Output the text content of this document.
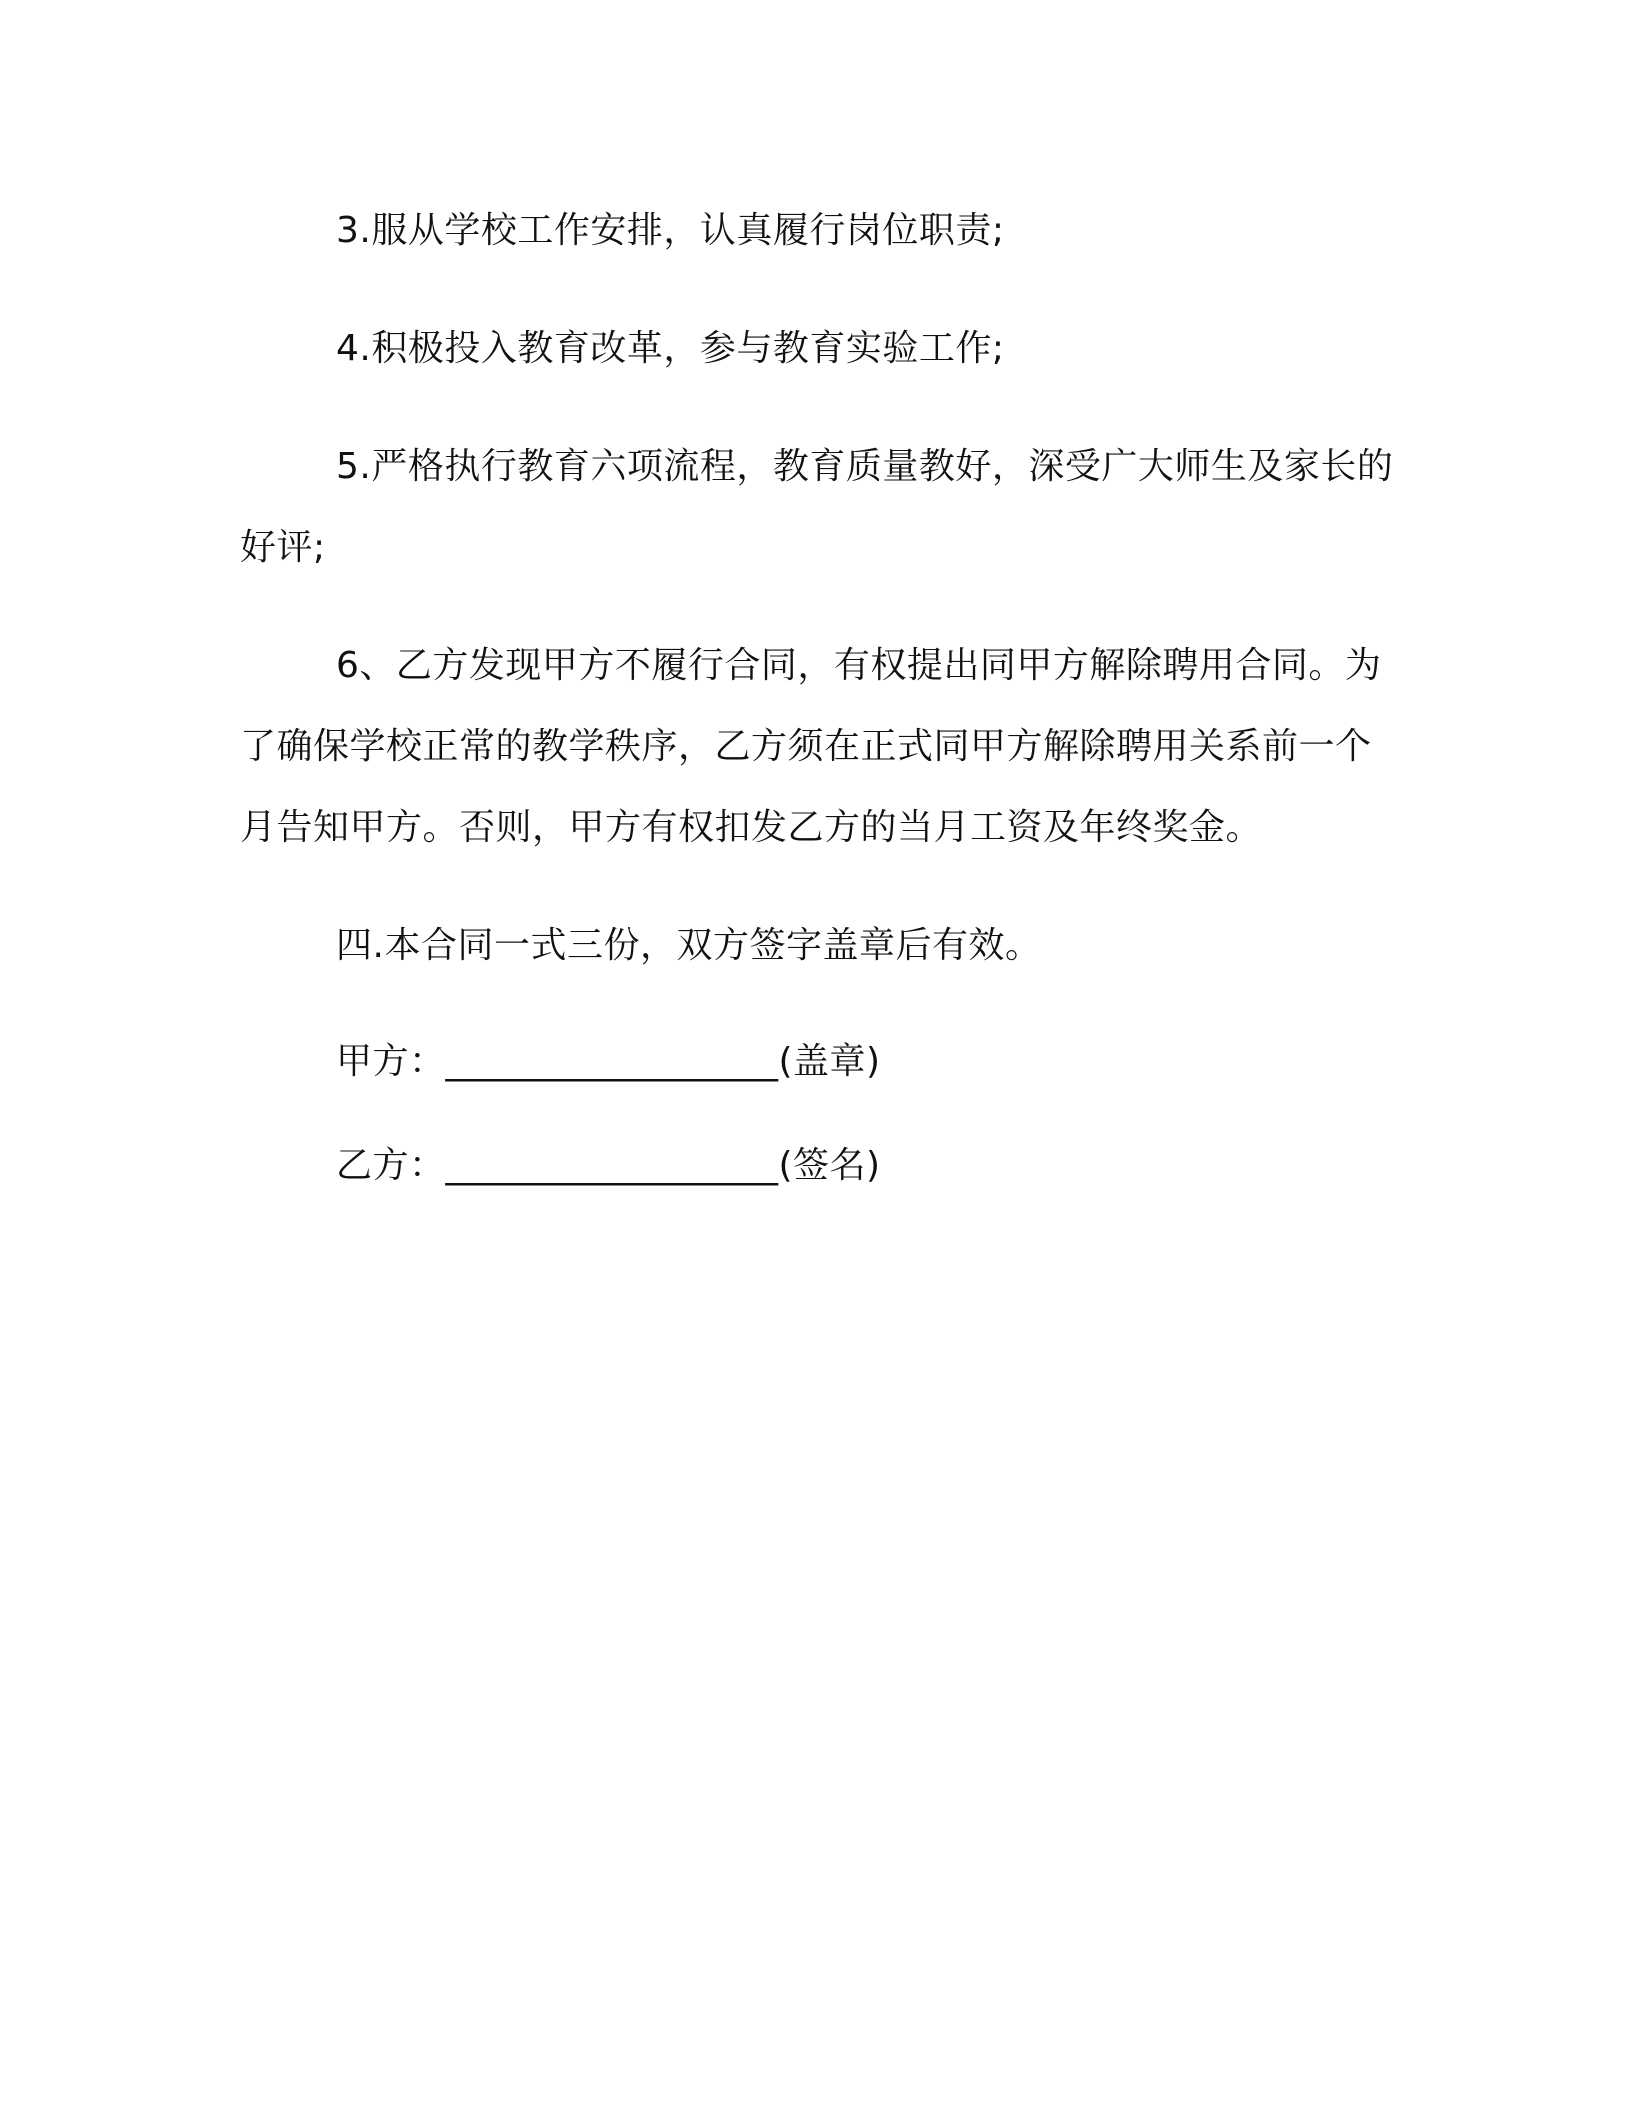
3.服从学校工作安排，认真履行岗位职责;

4.积极投入教育改革，参与教育实验工作;

5.严格执行教育六项流程，教育质量教好，深受广大师生及家长的好评;

6、乙方发现甲方不履行合同，有权提出同甲方解除聘用合同。为了确保学校正常的教学秩序，乙方须在正式同甲方解除聘用关系前一个月告知甲方。否则，甲方有权扣发乙方的当月工资及年终奖金。

四.本合同一式三份，双方签字盖章后有效。

甲方：__________________(盖章)
乙方：__________________(签名)
